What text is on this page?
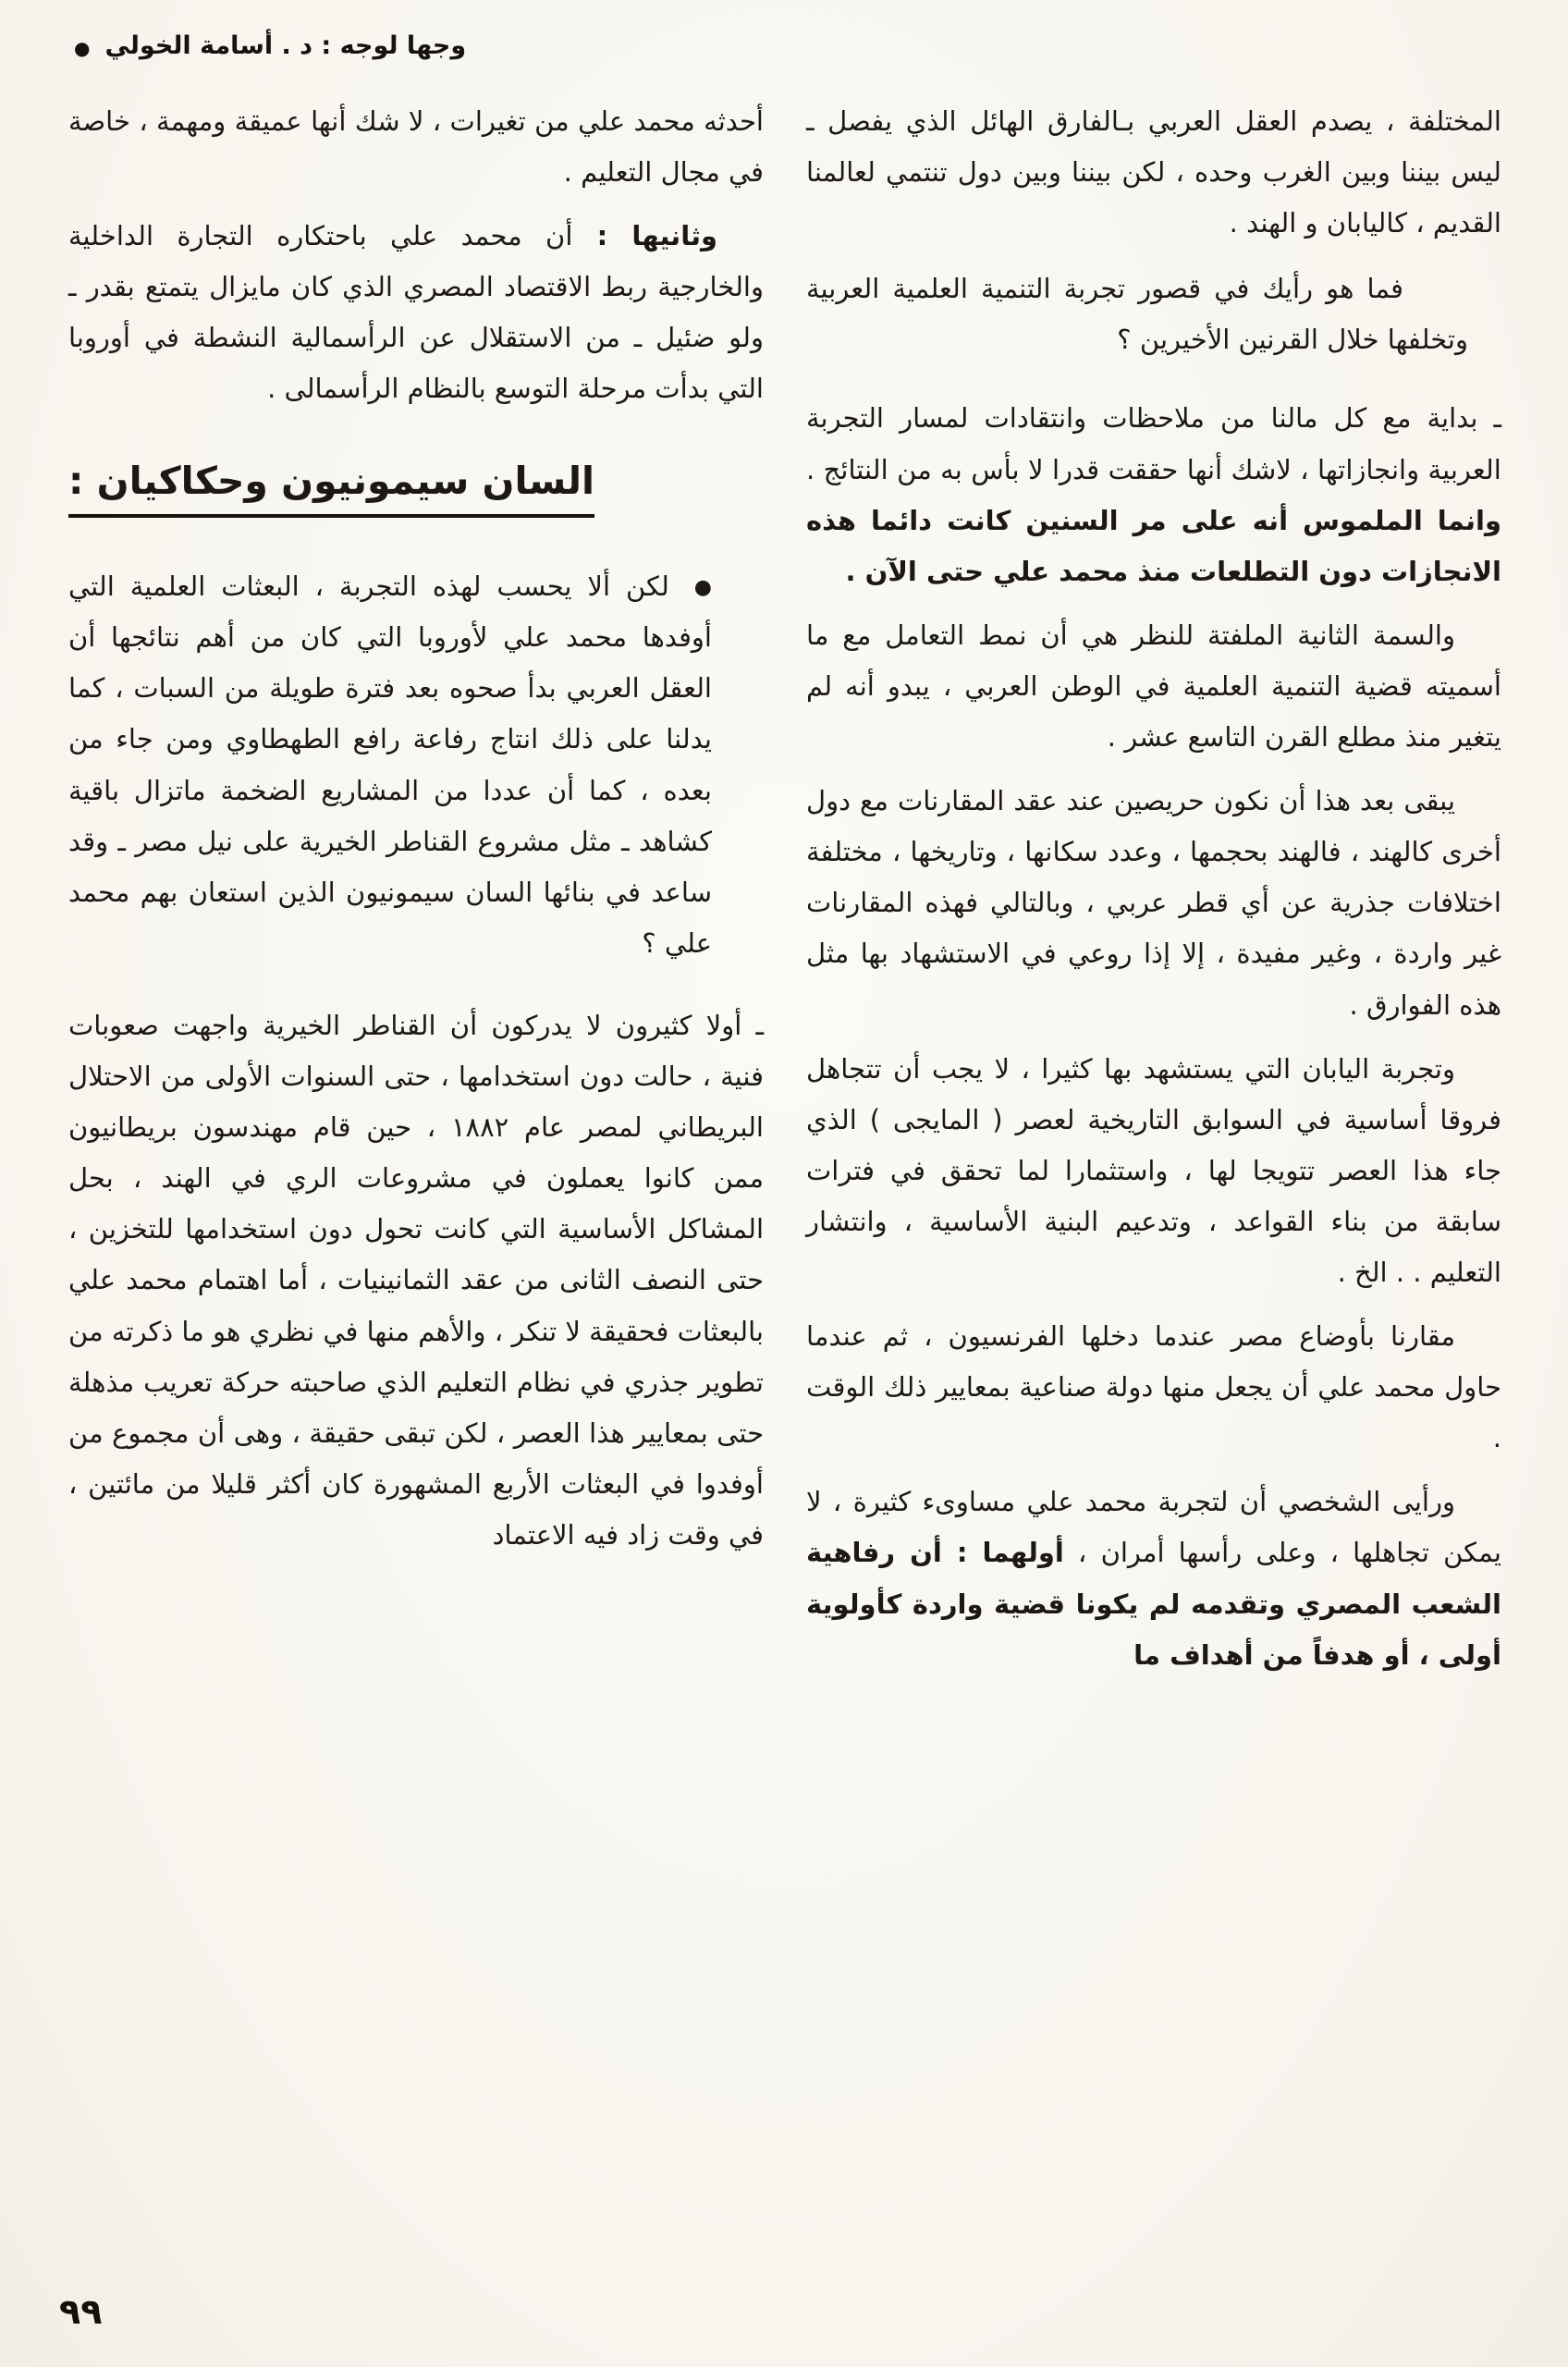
● وجها لوجه : د . أسامة الخولي

المختلفة ، يصدم العقل العربي بـالفارق الهائل الذي يفصل ـ ليس بيننا وبين الغرب وحده ، لكن بيننا وبين دول تنتمي لعالمنا القديم ، كاليابان و الهند .

فما هو رأيك في قصور تجربة التنمية العلمية العربية وتخلفها خلال القرنين الأخيرين ؟

ـ بداية مع كل مالنا من ملاحظات وانتقادات لمسار التجربة العربية وانجازاتها ، لاشك أنها حققت قدرا لا بأس به من النتائج . وانما الملموس أنه على مر السنين كانت دائما هذه الانجازات دون التطلعات منذ محمد علي حتى الآن .

والسمة الثانية الملفتة للنظر هي أن نمط التعامل مع ما أسميته قضية التنمية العلمية في الوطن العربي ، يبدو أنه لم يتغير منذ مطلع القرن التاسع عشر .

يبقى بعد هذا أن نكون حريصين عند عقد المقارنات مع دول أخرى كالهند ، فالهند بحجمها ، وعدد سكانها ، وتاريخها ، مختلفة اختلافات جذرية عن أي قطر عربي ، وبالتالي فهذه المقارنات غير واردة ، وغير مفيدة ، إلا إذا روعي في الاستشهاد بها مثل هذه الفوارق .

وتجربة اليابان التي يستشهد بها كثيرا ، لا يجب أن تتجاهل فروقا أساسية في السوابق التاريخية لعصر ( المايجى ) الذي جاء هذا العصر تتويجا لها ، واستثمارا لما تحقق في فترات سابقة من بناء القواعد ، وتدعيم البنية الأساسية ، وانتشار التعليم . . الخ .

مقارنا بأوضاع مصر عندما دخلها الفرنسيون ، ثم عندما حاول محمد علي أن يجعل منها دولة صناعية بمعايير ذلك الوقت .

ورأيى الشخصي أن لتجربة محمد علي مساوىء كثيرة ، لا يمكن تجاهلها ، وعلى رأسها أمران ، أولهما : أن رفاهية الشعب المصري وتقدمه لم يكونا قضية واردة كأولوية أولى ، أو هدفاً من أهداف ما

أحدثه محمد علي من تغيرات ، لا شك أنها عميقة ومهمة ، خاصة في مجال التعليم .

وثانيها : أن محمد علي باحتكاره التجارة الداخلية والخارجية ربط الاقتصاد المصري الذي كان مايزال يتمتع بقدر ـ ولو ضئيل ـ من الاستقلال عن الرأسمالية النشطة في أوروبا التي بدأت مرحلة التوسع بالنظام الرأسمالى .

السان سيمونيون وحكاكيان :

● لكن ألا يحسب لهذه التجربة ، البعثات العلمية التي أوفدها محمد علي لأوروبا التي كان من أهم نتائجها أن العقل العربي بدأ صحوه بعد فترة طويلة من السبات ، كما يدلنا على ذلك انتاج رفاعة رافع الطهطاوي ومن جاء من بعده ، كما أن عددا من المشاريع الضخمة ماتزال باقية كشاهد ـ مثل مشروع القناطر الخيرية على نيل مصر ـ وقد ساعد في بنائها السان سيمونيون الذين استعان بهم محمد علي ؟

ـ أولا كثيرون لا يدركون أن القناطر الخيرية واجهت صعوبات فنية ، حالت دون استخدامها ، حتى السنوات الأولى من الاحتلال البريطاني لمصر عام ١٨٨٢ ، حين قام مهندسون بريطانيون ممن كانوا يعملون في مشروعات الري في الهند ، بحل المشاكل الأساسية التي كانت تحول دون استخدامها للتخزين ، حتى النصف الثانى من عقد الثمانينيات ، أما اهتمام محمد علي بالبعثات فحقيقة لا تنكر ، والأهم منها في نظري هو ما ذكرته من تطوير جذري في نظام التعليم الذي صاحبته حركة تعريب مذهلة حتى بمعايير هذا العصر ، لكن تبقى حقيقة ، وهى أن مجموع من أوفدوا في البعثات الأربع المشهورة كان أكثر قليلا من مائتين ، في وقت زاد فيه الاعتماد

٩٩
